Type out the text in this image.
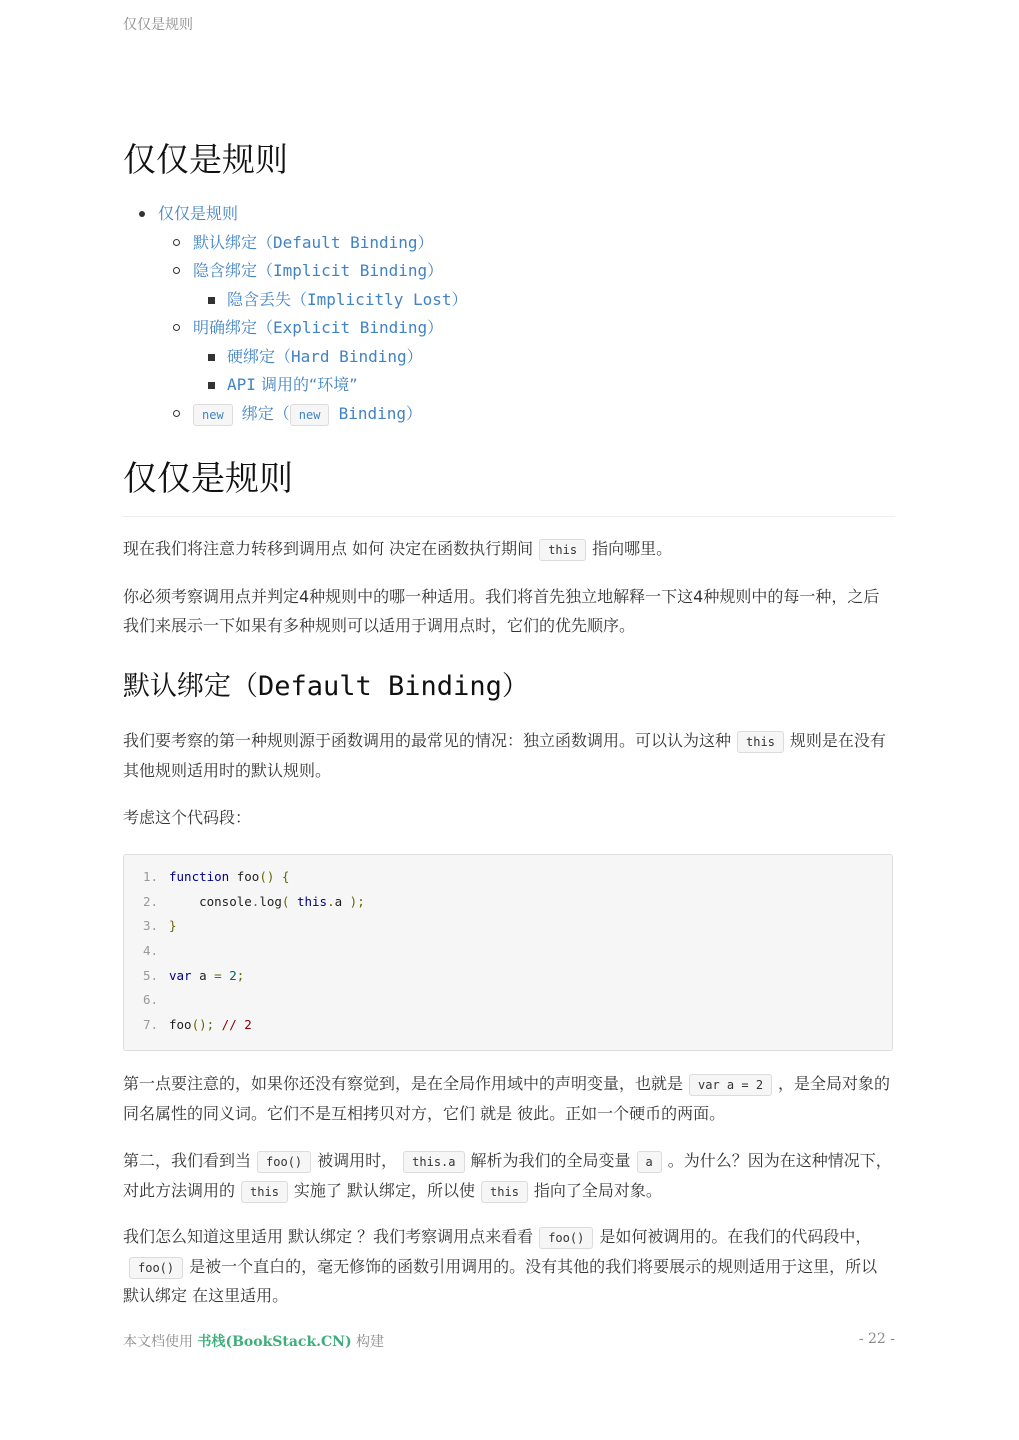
仅仅是规则
仅仅是规则
仅仅是规则
默认绑定（Default Binding）
隐含绑定（Implicit Binding）
隐含丢失（Implicitly Lost）
明确绑定（Explicit Binding）
硬绑定（Hard Binding）
API 调用的“环境”
new 绑定（ new Binding）
仅仅是规则

现在我们将注意力转移到调用点 如何 决定在函数执行期间 this 指向哪里。

你必须考察调用点并判定4种规则中的哪一种适用。我们将首先独立地解释一下这4种规则中的每一种，之后我们来展示一下如果有多种规则可以适用于调用点时，它们的优先顺序。

默认绑定（Default Binding）

我们要考察的第一种规则源于函数调用的最常见的情况：独立函数调用。可以认为这种 this 规则是在没有其他规则适用时的默认规则。

考虑这个代码段：

1. function foo() {
2.	console.log( this.a );
3. }
4.
5. var a = 2;
6.
7. foo(); // 2

第一点要注意的，如果你还没有察觉到，是在全局作用域中的声明变量，也就是 var a = 2 ，是全局对象的同名属性的同义词。它们不是互相拷贝对方，它们 就是 彼此。正如一个硬币的两面。

第二，我们看到当 foo() 被调用时， this.a 解析为我们的全局变量 a 。为什么？因为在这种情况下，对此方法调用的 this 实施了 默认绑定，所以使 this 指向了全局对象。

我们怎么知道这里适用 默认绑定 ？我们考察调用点来看看 foo() 是如何被调用的。在我们的代码段中，foo() 是被一个直白的，毫无修饰的函数引用调用的。没有其他的我们将要展示的规则适用于这里，所以 默认绑定 在这里适用。

本文档使用 书栈(BookStack.CN) 构建	- 22 -
